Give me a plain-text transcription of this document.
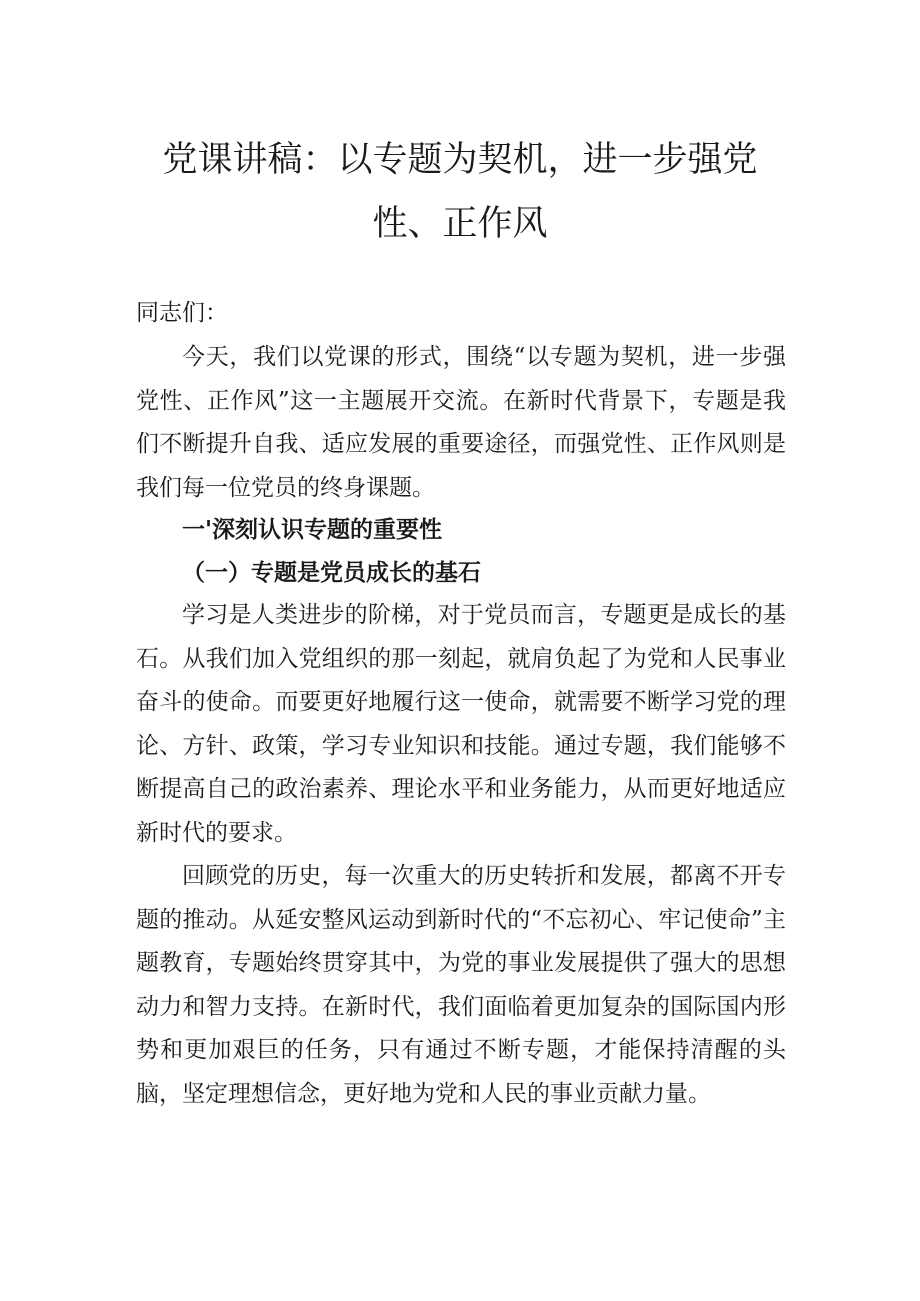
党课讲稿：以专题为契机，进一步强党
性、正作风

同志们：

今天，我们以党课的形式，围绕“以专题为契机，进一步强党性、正作风”这一主题展开交流。在新时代背景下，专题是我们不断提升自我、适应发展的重要途径，而强党性、正作风则是我们每一位党员的终身课题。

一'深刻认识专题的重要性
（一）专题是党员成长的基石

学习是人类进步的阶梯，对于党员而言，专题更是成长的基石。从我们加入党组织的那一刻起，就肩负起了为党和人民事业奋斗的使命。而要更好地履行这一使命，就需要不断学习党的理论、方针、政策，学习专业知识和技能。通过专题，我们能够不断提高自己的政治素养、理论水平和业务能力，从而更好地适应新时代的要求。

回顾党的历史，每一次重大的历史转折和发展，都离不开专题的推动。从延安整风运动到新时代的“不忘初心、牢记使命”主题教育，专题始终贯穿其中，为党的事业发展提供了强大的思想动力和智力支持。在新时代，我们面临着更加复杂的国际国内形势和更加艰巨的任务，只有通过不断专题，才能保持清醒的头脑，坚定理想信念，更好地为党和人民的事业贡献力量。
